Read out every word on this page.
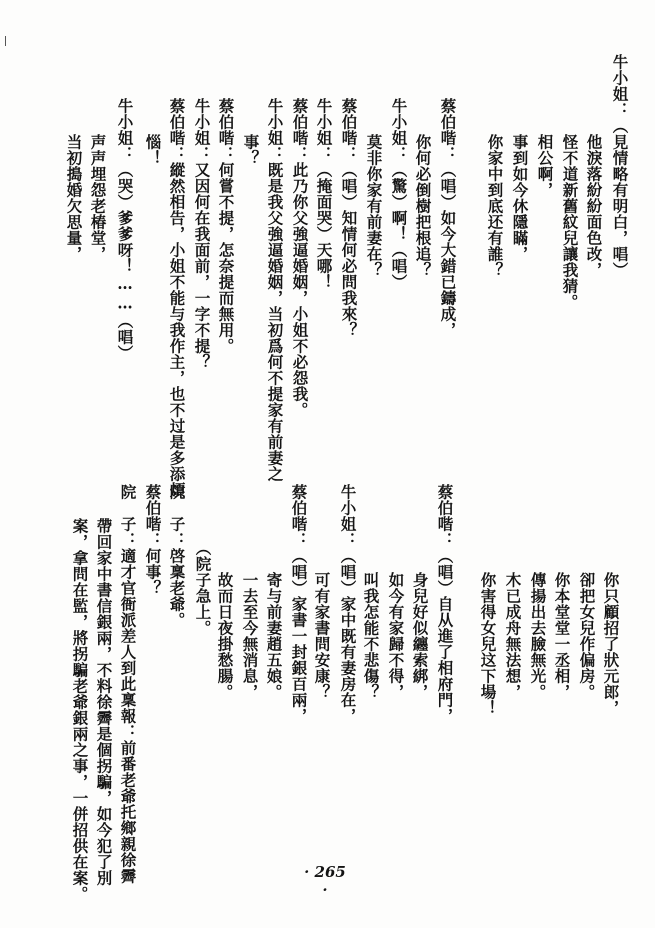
牛小姐：（見情略有明白，唱）
他淚落紛紛面色改，
怪不道新舊紋兒讓我猜。
相公啊，
事到如今休隱瞞，
你家中到底还有誰？
蔡伯喈：（唱）如今大錯已鑄成，
你何必倒樹把根追？
牛小姐：（驚）啊！（唱）
莫非你家有前妻在？
蔡伯喈：（唱）知情何必問我來？
牛小姐：（掩面哭）天哪！
蔡伯喈：此乃你父強逼婚姻，小姐不必怨我。
牛小姐：既是我父強逼婚姻，当初爲何不提家有前妻之
事？
蔡伯喈：何嘗不提，怎奈提而無用。
牛小姐：又因何在我面前，一字不提？
蔡伯喈：縱然相告，小姐不能与我作主，也不过是多添煩
惱！
牛小姐：（哭）爹爹呀！……（唱）
声声埋怨老椿堂，
当初搗婚欠思量，
你只顧招了狀元郎，
卻把女兒作偏房。
你本堂堂一丞相，
傳揚出去臉無光。
木已成舟無法想，
你害得女兒这下場！
蔡伯喈：（唱）自从進了相府門，
身兒好似纏索綁，
如今有家歸不得，
叫我怎能不悲傷？
牛小姐：（唱）家中既有妻房在，
可有家書問安康？
蔡伯喈：（唱）家書一封銀百兩，
寄与前妻趙五娘。
一去至今無消息，
故而日夜掛愁腸。
（院子急上。
院　子：啓稟老爺。
蔡伯喈：何事？
院　子：適才官衙派差人到此稟報：前番老爺托鄉親徐霽
帶回家中書信銀兩，不料徐霽是個拐騙，如今犯了別
案，拿問在監，將拐騙老爺銀兩之事，一併招供在案。	· 265 ·
